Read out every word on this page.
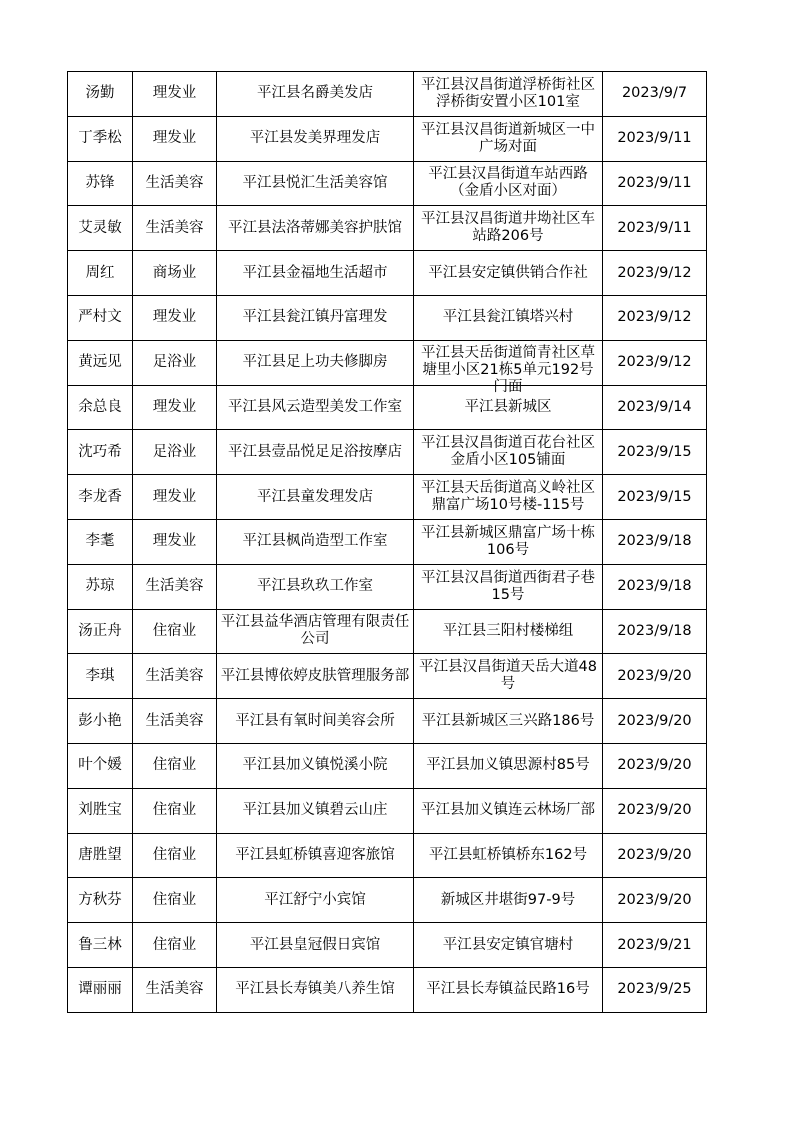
汤勤	理发业	平江县名爵美发店	平江县汉昌街道浮桥街社区浮桥街安置小区101室	2023/9/7

丁季松	理发业	平江县发美界理发店	平江县汉昌街道新城区一中广场对面	2023/9/11

苏锋	生活美容	平江县悦汇生活美容馆	平江县汉昌街道车站西路（金盾小区对面）	2023/9/11

艾灵敏	生活美容	平江县法洛蒂娜美容护肤馆	平江县汉昌街道井坳社区车站路206号	2023/9/11

周红	商场业	平江县金福地生活超市	平江县安定镇供销合作社	2023/9/12

严村文	理发业	平江县瓮江镇丹富理发	平江县瓮江镇塔兴村	2023/9/12

黄远见	足浴业	平江县足上功夫修脚房	平江县天岳街道简青社区草塘里小区21栋5单元192号门面	2023/9/12

余总良	理发业	平江县风云造型美发工作室	平江县新城区	2023/9/14

沈巧希	足浴业	平江县壹品悦足足浴按摩店	平江县汉昌街道百花台社区金盾小区105铺面	2023/9/15

李龙香	理发业	平江县童发理发店	平江县天岳街道高义岭社区鼎富广场10号楼-115号	2023/9/15

李耄	理发业	平江县枫尚造型工作室	平江县新城区鼎富广场十栋106号	2023/9/18

苏琼	生活美容	平江县玖玖工作室	平江县汉昌街道西街君子巷15号	2023/9/18

汤正舟	住宿业	平江县益华酒店管理有限责任公司	平江县三阳村楼梯组	2023/9/18

李琪	生活美容	平江县博依婷皮肤管理服务部	平江县汉昌街道天岳大道48号	2023/9/20

彭小艳	生活美容	平江县有氧时间美容会所	平江县新城区三兴路186号	2023/9/20

叶个媛	住宿业	平江县加义镇悦溪小院	平江县加义镇思源村85号	2023/9/20

刘胜宝	住宿业	平江县加义镇碧云山庄	平江县加义镇连云林场厂部	2023/9/20

唐胜望	住宿业	平江县虹桥镇喜迎客旅馆	平江县虹桥镇桥东162号	2023/9/20

方秋芬	住宿业	平江舒宁小宾馆	新城区井堪街97-9号	2023/9/20

鲁三林	住宿业	平江县皇冠假日宾馆	平江县安定镇官塘村	2023/9/21

谭丽丽	生活美容	平江县长寿镇美八养生馆	平江县长寿镇益民路16号	2023/9/25
